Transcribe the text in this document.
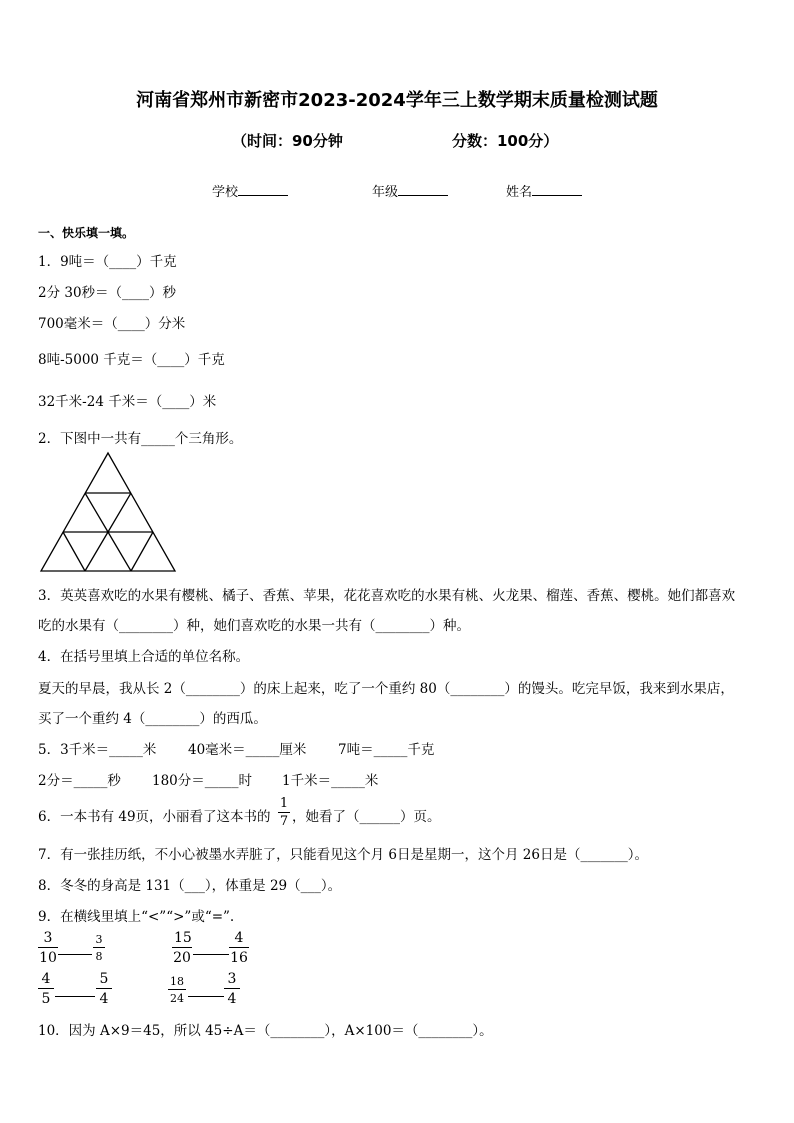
河南省郑州市新密市2023-2024学年三上数学期末质量检测试题
（时间：90分钟	分数：100分）
学校	年级	姓名
一、快乐填一填。
1．9吨＝（____）千克
2分 30秒＝（____）秒
700毫米＝（____）分米
8吨-5000 千克＝（____）千克
32千米-24 千米＝（____）米
2．下图中一共有_____个三角形。
3．英英喜欢吃的水果有樱桃、橘子、香蕉、苹果，花花喜欢吃的水果有桃、火龙果、榴莲、香蕉、樱桃。她们都喜欢
吃的水果有（________）种，她们喜欢吃的水果一共有（________）种。
4．在括号里填上合适的单位名称。
夏天的早晨，我从长 2（________）的床上起来，吃了一个重约 80（________）的馒头。吃完早饭，我来到水果店，
买了一个重约 4（________）的西瓜。
5．3千米＝_____米 40毫米＝_____厘米 7吨＝_____千克
2分＝_____秒 180分＝_____时 1千米＝_____米
6．一本书有 49页，小丽看了这本书的 $\frac{1}{7}$ ，她看了（______）页。
7．有一张挂历纸，不小心被墨水弄脏了，只能看见这个月 6日是星期一，这个月 26日是（_______）。
8．冬冬的身高是 131（___），体重是 29（___）。
9．在横线里填上“<”“>”或“=”.
$\frac{3}{10}$	$\frac{3}{8}$	$\frac{15}{20}$	$\frac{4}{16}$
$\frac{4}{5}$	$\frac{5}{4}$	$\frac{18}{24}$	$\frac{3}{4}$
10．因为 A×9＝45，所以 45÷A＝（________），A×100＝（________）。
